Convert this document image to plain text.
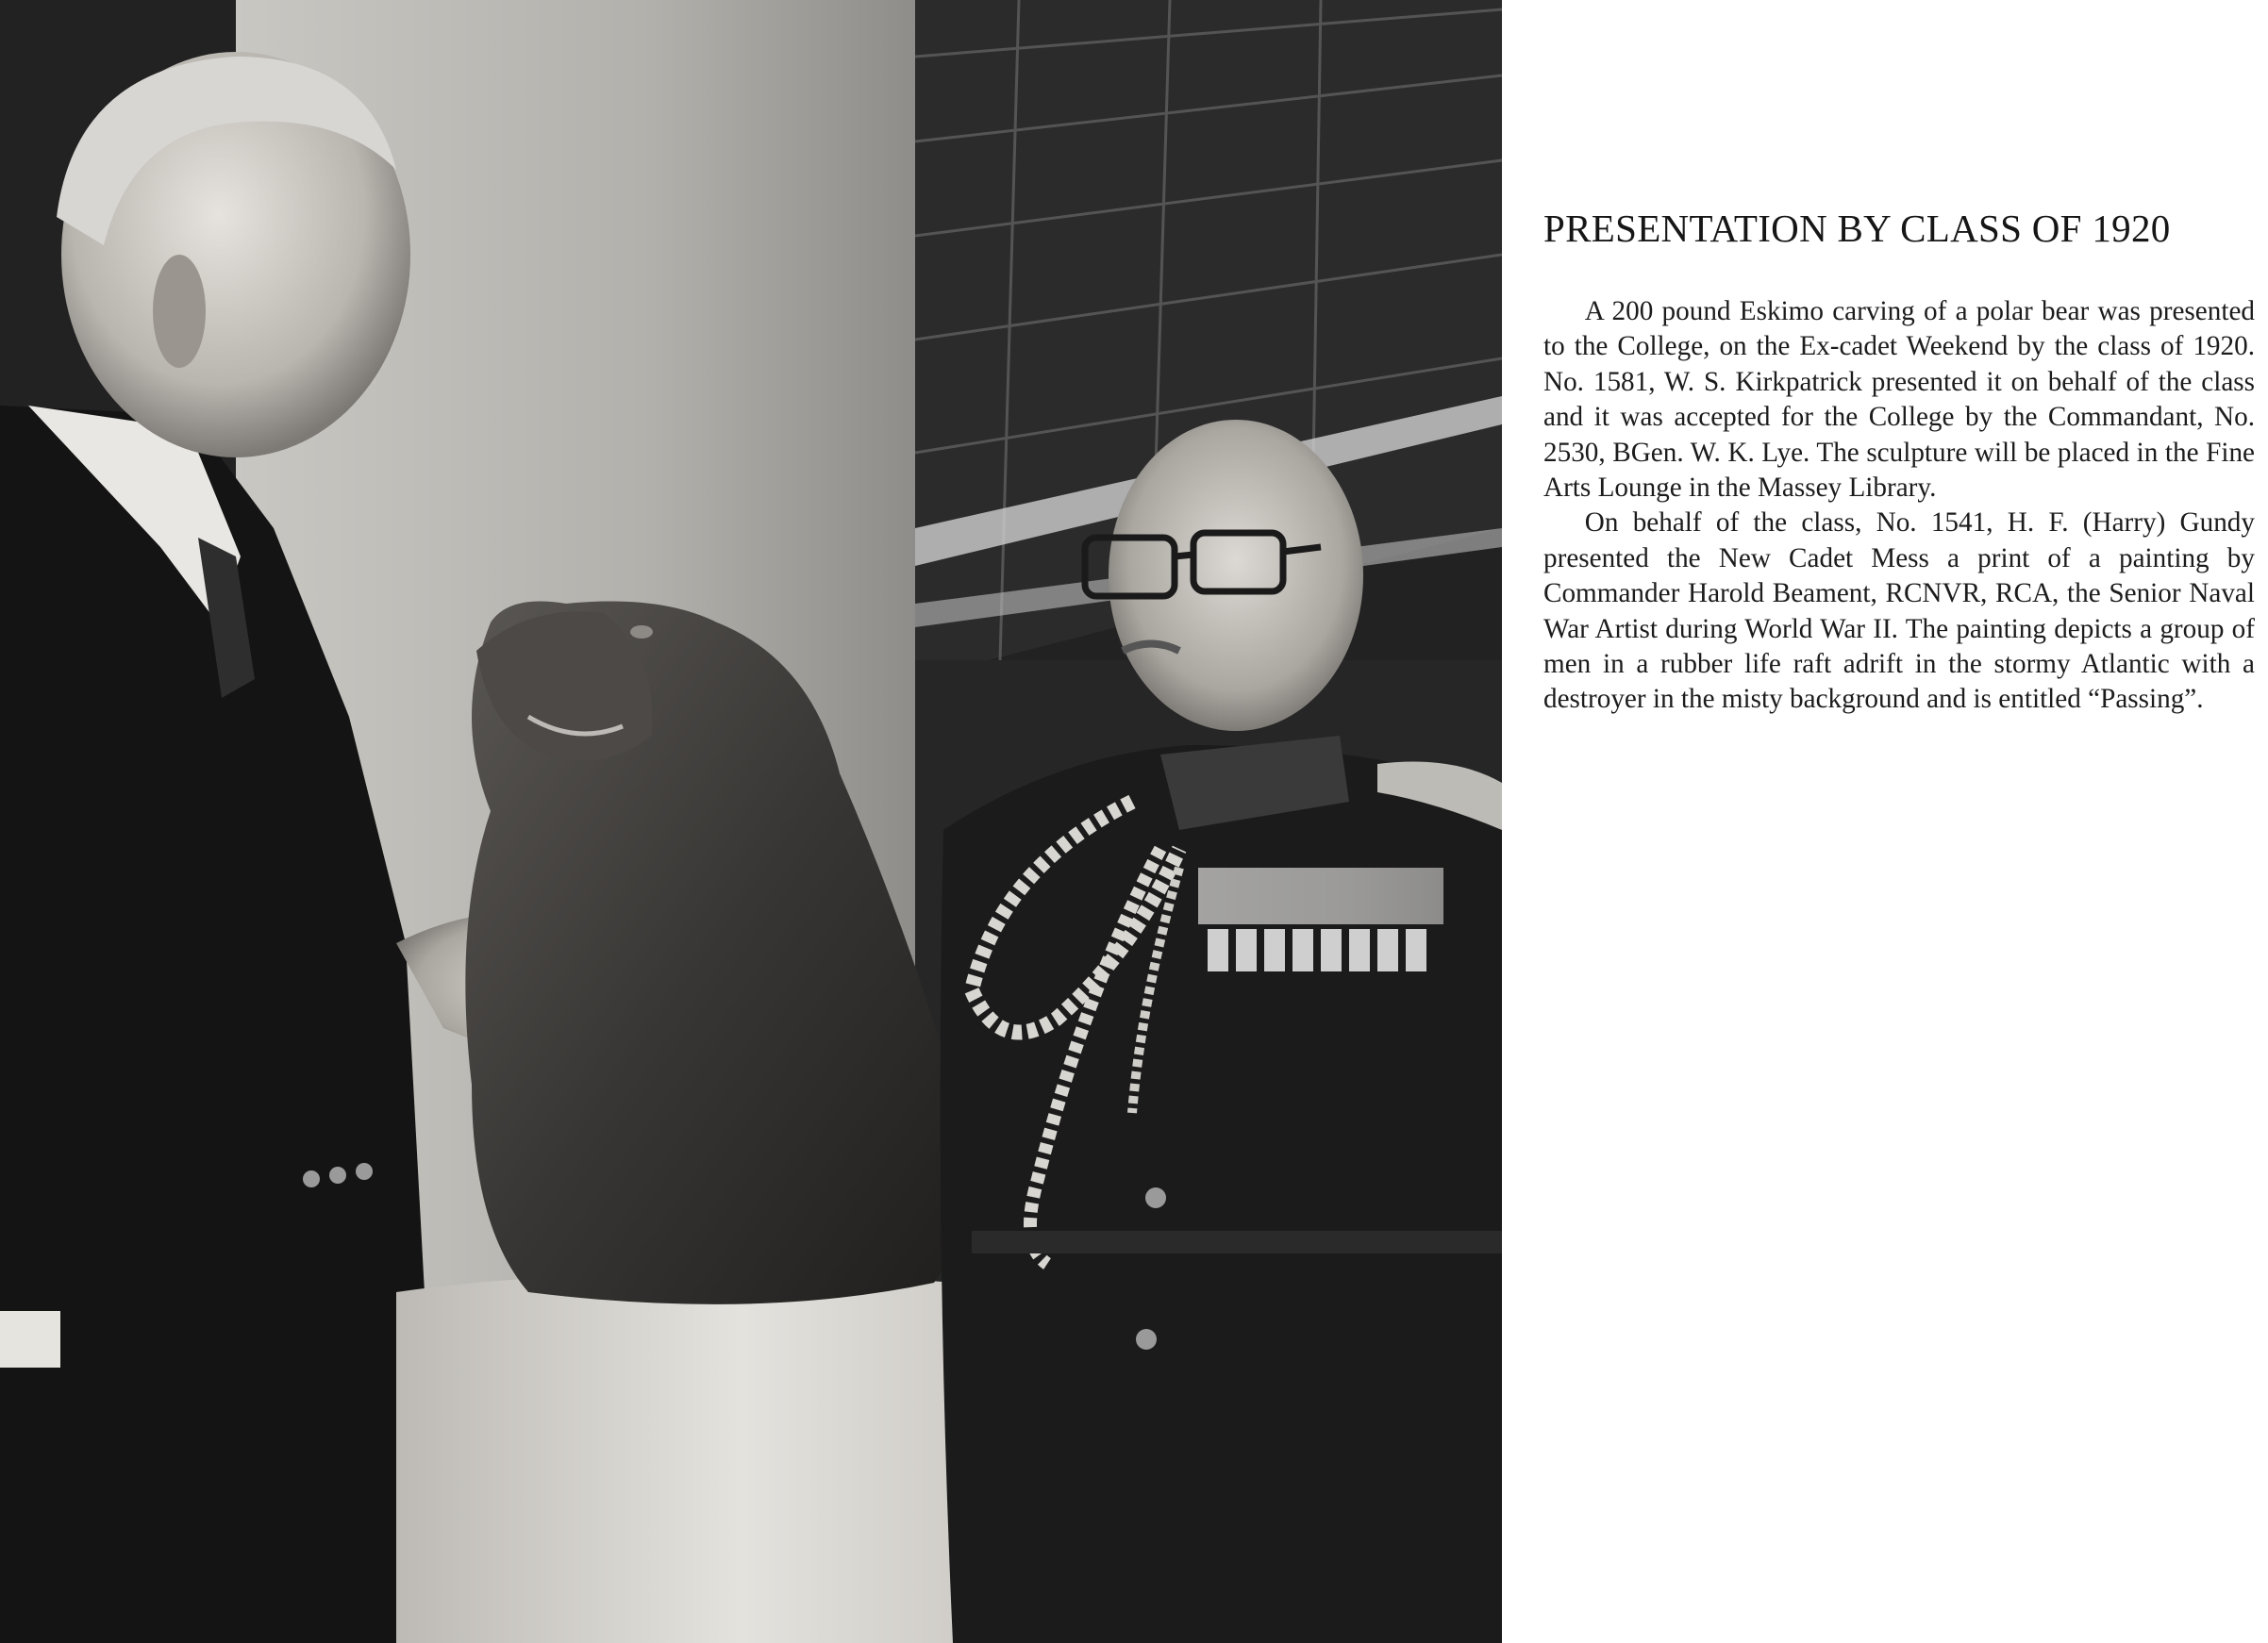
PRESENTATION BY CLASS OF 1920

A 200 pound Eskimo carving of a polar bear was presented to the College, on the Ex-cadet Weekend by the class of 1920. No. 1581, W. S. Kirkpatrick presented it on behalf of the class and it was accepted for the College by the Commandant, No. 2530, BGen. W. K. Lye. The sculpture will be placed in the Fine Arts Lounge in the Massey Library.

On behalf of the class, No. 1541, H. F. (Harry) Gundy presented the New Cadet Mess a print of a painting by Commander Harold Beament, RCNVR, RCA, the Senior Naval War Artist during World War II. The painting depicts a group of men in a rubber life raft adrift in the stormy Atlantic with a destroyer in the misty background and is entitled “Passing”.
